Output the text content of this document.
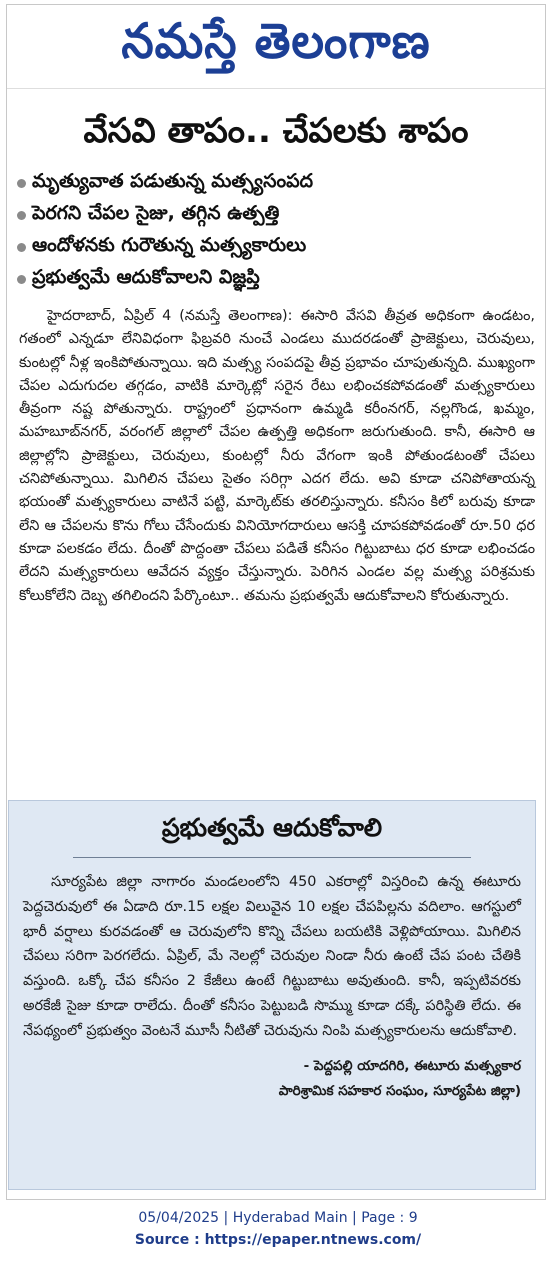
నమస్తే తెలంగాణ
వేసవి తాపం.. చేపలకు శాపం
మృత్యువాత పడుతున్న మత్స్యసంపద
పెరగని చేపల సైజు, తగ్గిన ఉత్పత్తి
ఆందోళనకు గురౌతున్న మత్స్యకారులు
ప్రభుత్వమే ఆదుకోవాలని విజ్ఞప్తి

హైదరాబాద్, ఏప్రిల్ 4 (నమస్తే తెలంగాణ): ఈసారి వేసవి తీవ్రత అధికంగా ఉండటం, గతంలో ఎన్నడూ లేనివిధంగా ఫిబ్రవరి నుంచే ఎండలు ముదరడంతో ప్రాజెక్టులు, చెరువులు, కుంటల్లో నీళ్ల ఇంకిపోతున్నాయి. ఇది మత్స్య సంపదపై తీవ్ర ప్రభావం చూపుతున్నది. ముఖ్యంగా చేపల ఎదుగుదల తగ్గడం, వాటికి మార్కెట్లో సరైన రేటు లభించకపోవడంతో మత్స్యకారులు తీవ్రంగా నష్ట పోతున్నారు. రాష్ట్రంలో ప్రధానంగా ఉమ్మడి కరీంనగర్, నల్లగొండ, ఖమ్మం, మహబూబ్‌నగర్, వరంగల్ జిల్లాలో చేపల ఉత్పత్తి అధికంగా జరుగుతుంది. కానీ, ఈసారి ఆ జిల్లాల్లోని ప్రాజెక్టులు, చెరువులు, కుంటల్లో నీరు వేగంగా ఇంకి పోతుండటంతో చేపలు చనిపోతున్నాయి. మిగిలిన చేపలు సైతం సరిగ్గా ఎదగ లేదు. అవి కూడా చనిపోతాయన్న భయంతో మత్స్యకారులు వాటినే పట్టి, మార్కెట్‌కు తరలిస్తున్నారు. కనీసం కిలో బరువు కూడా లేని ఆ చేపలను కొను గోలు చేసేందుకు వినియోగదారులు ఆసక్తి చూపకపోవడంతో రూ.50 ధర కూడా పలకడం లేదు. దీంతో పొద్దంతా చేపలు పడితే కనీసం గిట్టుబాటు ధర కూడా లభించడం లేదని మత్స్యకారులు ఆవేదన వ్యక్తం చేస్తున్నారు. పెరిగిన ఎండల వల్ల మత్స్య పరిశ్రమకు కోలుకోలేని దెబ్బ తగిలిందని పేర్కొంటూ.. తమను ప్రభుత్వమే ఆదుకోవాలని కోరుతున్నారు.

ప్రభుత్వమే ఆదుకోవాలి

సూర్యపేట జిల్లా నాగారం మండలంలోని 450 ఎకరాల్లో విస్తరించి ఉన్న ఈటూరు పెద్దచెరువులో ఈ ఏడాది రూ.15 లక్షల విలువైన 10 లక్షల చేపపిల్లను వదిలాం. ఆగస్టులో భారీ వర్షాలు కురవడంతో ఆ చెరువులోని కొన్ని చేపలు బయటికి వెళ్లిపోయాయి. మిగిలిన చేపలు సరిగా పెరగలేదు. ఏప్రిల్, మే నెలల్లో చెరువుల నిండా నీరు ఉంటే చేప పంట చేతికి వస్తుంది. ఒక్కో చేప కనీసం 2 కేజీలు ఉంటే గిట్టుబాటు అవుతుంది. కానీ, ఇప్పటివరకు అరకేజీ సైజు కూడా రాలేదు. దీంతో కనీసం పెట్టుబడి సొమ్ము కూడా దక్కే పరిస్థితి లేదు. ఈ నేపథ్యంలో ప్రభుత్వం వెంటనే మూసీ నీటితో చెరువును నింపి మత్స్యకారులను ఆదుకోవాలి.

- పెద్దపల్లి యాదగిరి, ఈటూరు మత్స్యకార
పారిశ్రామిక సహకార సంఘం, సూర్యపేట జిల్లా)
05/04/2025 | Hyderabad Main | Page : 9
Source : https://epaper.ntnews.com/
